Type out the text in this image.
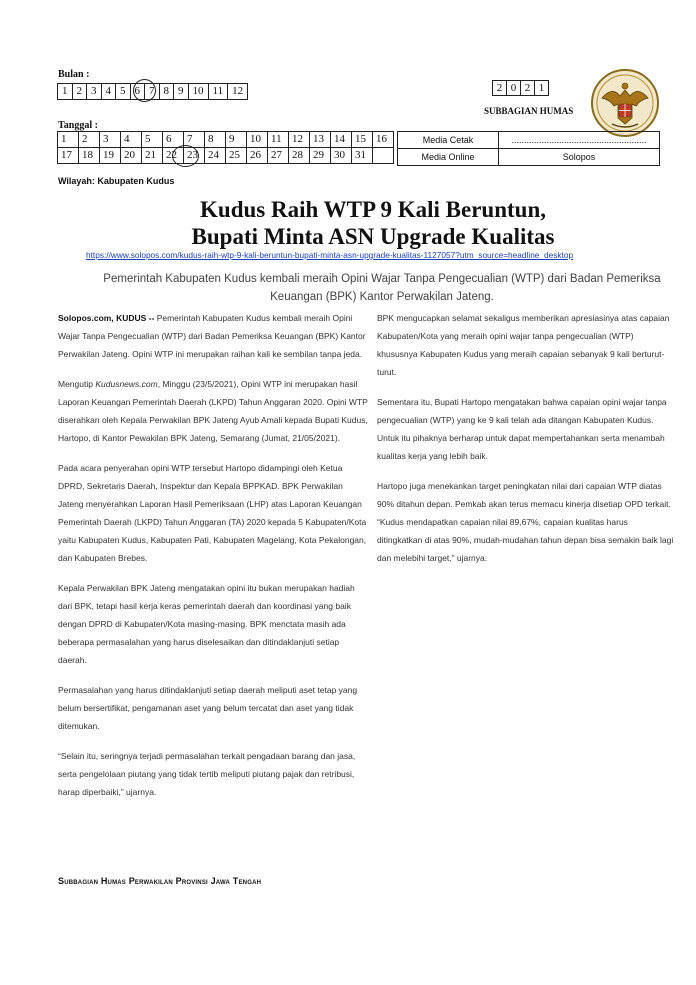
Bulan :
1	2	3	4	5	6	7	8	9	10	11	12
Tanggal :
1	2	3	4	5	6	7	8	9	10	11	12	13	14	15	16
17	18	19	20	21	22	23	24	25	26	27	28	29	30	31	
2	0	2	1
SUBBAGIAN HUMAS
Media Cetak	......................................................
Media Online	Solopos
Wilayah: Kabupaten Kudus
Kudus Raih WTP 9 Kali Beruntun,
Bupati Minta ASN Upgrade Kualitas
https://www.solopos.com/kudus-raih-wtp-9-kali-beruntun-bupati-minta-asn-upgrade-kualitas-1127057?utm_source=headline_desktop
Pemerintah Kabupaten Kudus kembali meraih Opini Wajar Tanpa Pengecualian (WTP) dari Badan Pemeriksa Keuangan (BPK) Kantor Perwakilan Jateng.

Solopos.com, KUDUS -- Pemerintah Kabupaten Kudus kembali meraih Opini Wajar Tanpa Pengecualian (WTP) dari Badan Pemeriksa Keuangan (BPK) Kantor Perwakilan Jateng. Opini WTP ini merupakan raihan kali ke sembilan tanpa jeda.

Mengutip Kudusnews.com, Minggu (23/5/2021), Opini WTP ini merupakan hasil Laporan Keuangan Pemerintah Daerah (LKPD) Tahun Anggaran 2020. Opini WTP diserahkan oleh Kepala Perwakilan BPK Jateng Ayub Amali kepada Bupati Kudus, Hartopo, di Kantor Pewakilan BPK Jateng, Semarang (Jumat, 21/05/2021).

Pada acara penyerahan opini WTP tersebut Hartopo didampingi oleh Ketua DPRD, Sekretaris Daerah, Inspektur dan Kepala BPPKAD. BPK Perwakilan Jateng menyerahkan Laporan Hasil Pemeriksaan (LHP) atas Laporan Keuangan Pemerintah Daerah (LKPD) Tahun Anggaran (TA) 2020 kepada 5 Kabupaten/Kota yaitu Kabupaten Kudus, Kabupaten Pati, Kabupaten Magelang, Kota Pekalongan, dan Kabupaten Brebes.

Kepala Perwakilan BPK Jateng mengatakan opini itu bukan merupakan hadiah dari BPK, tetapi hasil kerja keras pemerintah daerah dan koordinasi yang baik dengan DPRD di Kabupaten/Kota masing-masing. BPK menctata masih ada beberapa permasalahan yang harus diselesaikan dan ditindaklanjuti setiap daerah.

Permasalahan yang harus ditindaklanjuti setiap daerah meliputi aset tetap yang belum bersertifikat, pengamanan aset yang belum tercatat dan aset yang tidak ditemukan.

“Selain itu, seringnya terjadi permasalahan terkait pengadaan barang dan jasa, serta pengelolaan piutang yang tidak tertib meliputi piutang pajak dan retribusi, harap diperbaiki,” ujarnya.

BPK mengucapkan selamat sekaligus memberikan apresiasinya atas capaian Kabupaten/Kota yang meraih opini wajar tanpa pengecualian (WTP) khususnya Kabupaten Kudus yang meraih capaian sebanyak 9 kali berturut-turut.

Sementara itu, Bupati Hartopo mengatakan bahwa capaian opini wajar tanpa pengecualian (WTP) yang ke 9 kali telah ada ditangan Kabupaten Kudus. Untuk itu pihaknya berharap untuk dapat mempertahankan serta menambah kualitas kerja yang lebih baik.

Hartopo juga menekankan target peningkatan nilai dari capaian WTP diatas 90% ditahun depan. Pemkab akan terus memacu kinerja disetiap OPD terkait. “Kudus mendapatkan capaian nilai 89,67%, capaian kualitas harus ditingkatkan di atas 90%, mudah-mudahan tahun depan bisa semakin baik lagi dan melebihi target,” ujarnya.

Subbagian Humas Perwakilan Provinsi Jawa Tengah
